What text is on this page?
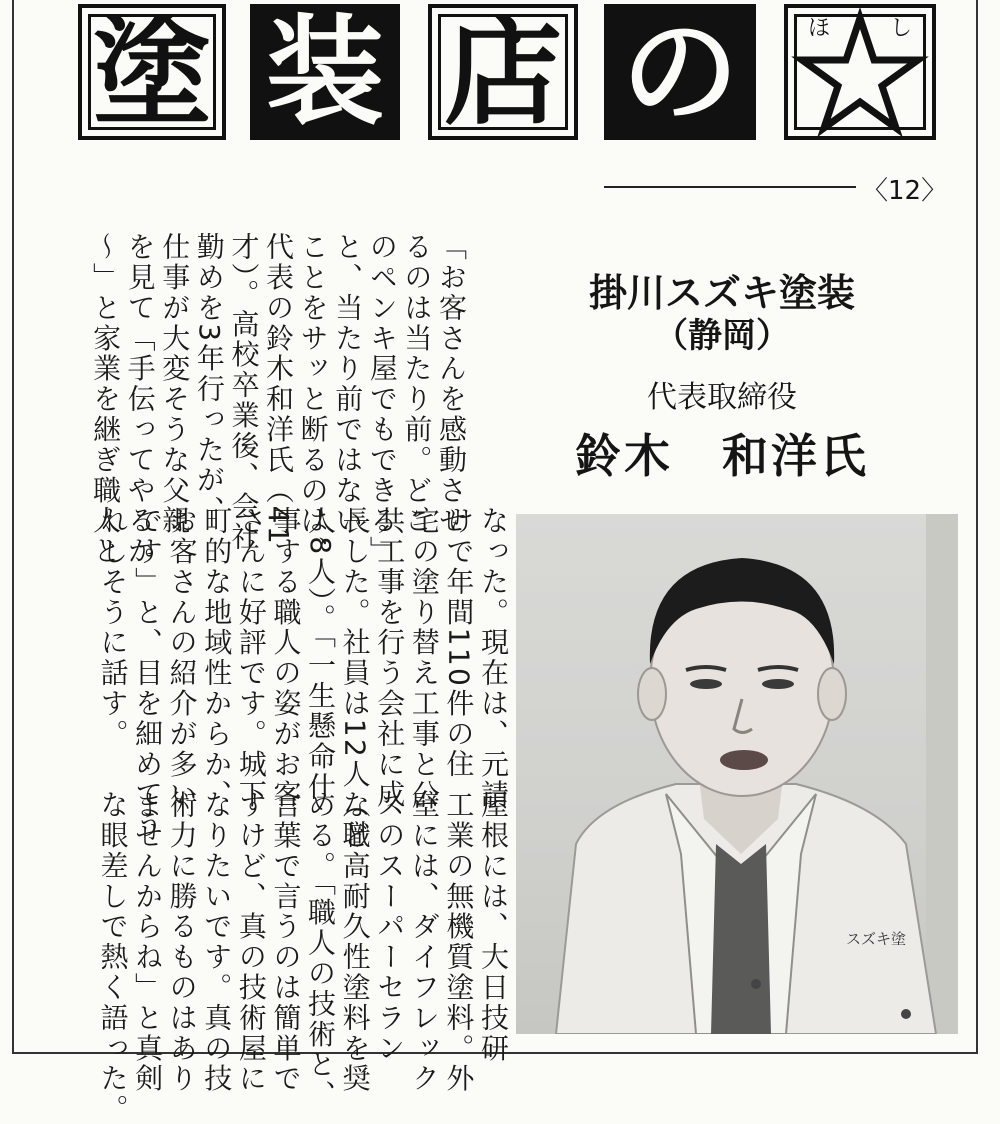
塗 装 店 の	ほ	し
〈12〉
掛川スズキ塗装
（静岡）
代表取締役
鈴木　和洋氏
「お客さんを感動させ
るのは当たり前。どこ
のペンキ屋でもできる」
と、当たり前ではない
ことをサッと断るのは、
代表の鈴木和洋氏（41
才）。高校卒業後、会社
勤めを3年行ったが、
仕事が大変そうな父親
を見て「手伝ってやるか
〜」と家業を継ぎ職人と
なった。現在は、元請
けで年間110件の住
宅の塗り替え工事と公
共工事を行う会社に成
長した。社員は12人（職
人8人）。「一生懸命仕
事する職人の姿がお客
さんに好評です。城下
町的な地域性からか、
お客さんの紹介が多い
です」と、目を細めてう
れしそうに話す。
スズキ塗
屋根には、大日技研
工業の無機質塗料。外
壁には、ダイフレック
スのスーパーセラン
など高耐久性塗料を奨
める。「職人の技術と、
言葉で言うのは簡単で
すけど、真の技術屋に
なりたいです。真の技
術力に勝るものはあり
ませんからね」と真剣
な眼差しで熱く語った。
